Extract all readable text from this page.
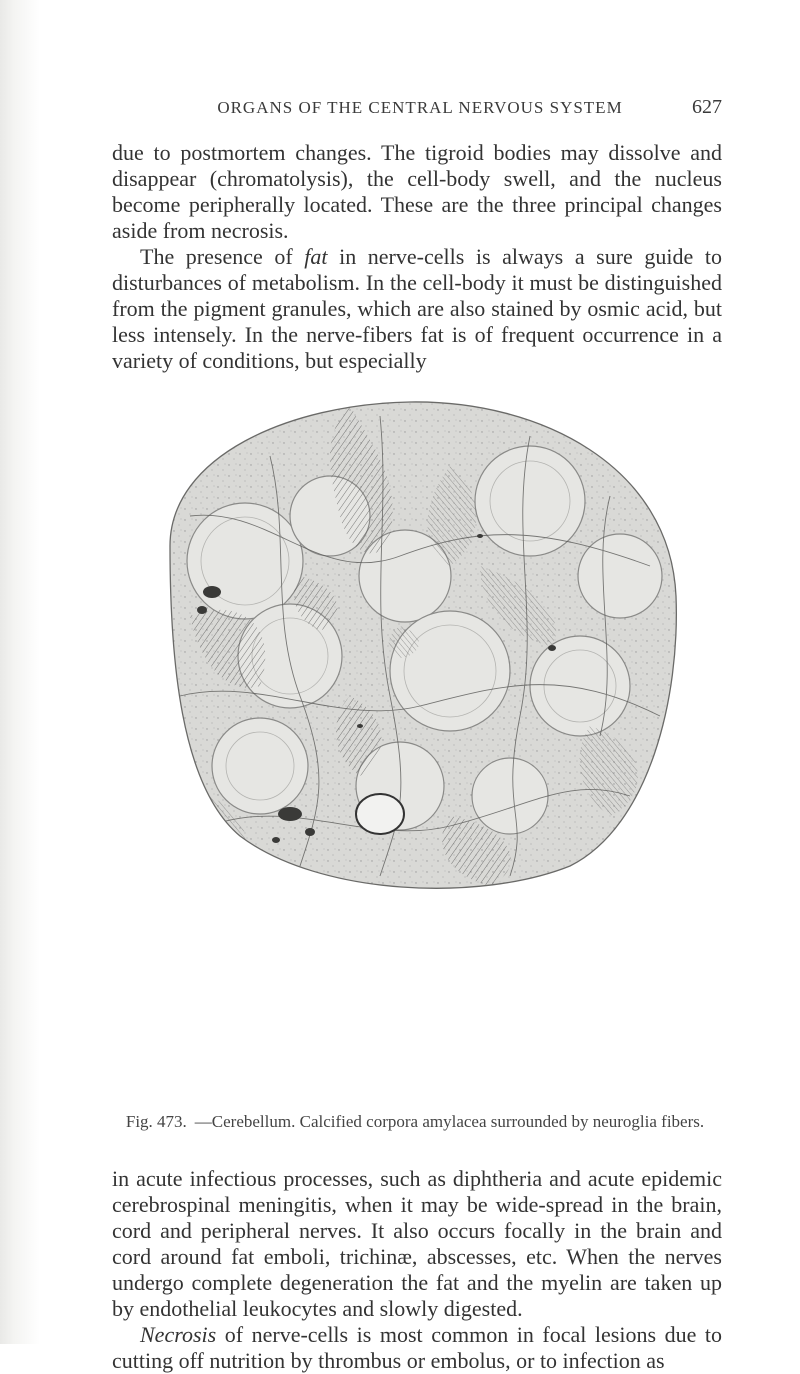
ORGANS OF THE CENTRAL NERVOUS SYSTEM	627

due to postmortem changes. The tigroid bodies may dissolve and disappear (chromatolysis), the cell-body swell, and the nucleus become peripherally located. These are the three principal changes aside from necrosis.

The presence of fat in nerve-cells is always a sure guide to disturbances of metabolism. In the cell-body it must be distinguished from the pigment granules, which are also stained by osmic acid, but less intensely. In the nerve-fibers fat is of frequent occurrence in a variety of conditions, but especially

Fig. 473. —Cerebellum. Calcified corpora amylacea surrounded by neuroglia fibers.

in acute infectious processes, such as diphtheria and acute epidemic cerebrospinal meningitis, when it may be wide-spread in the brain, cord and peripheral nerves. It also occurs focally in the brain and cord around fat emboli, trichinæ, abscesses, etc. When the nerves undergo complete degeneration the fat and the myelin are taken up by endothelial leukocytes and slowly digested.

Necrosis of nerve-cells is most common in focal lesions due to cutting off nutrition by thrombus or embolus, or to infection as
